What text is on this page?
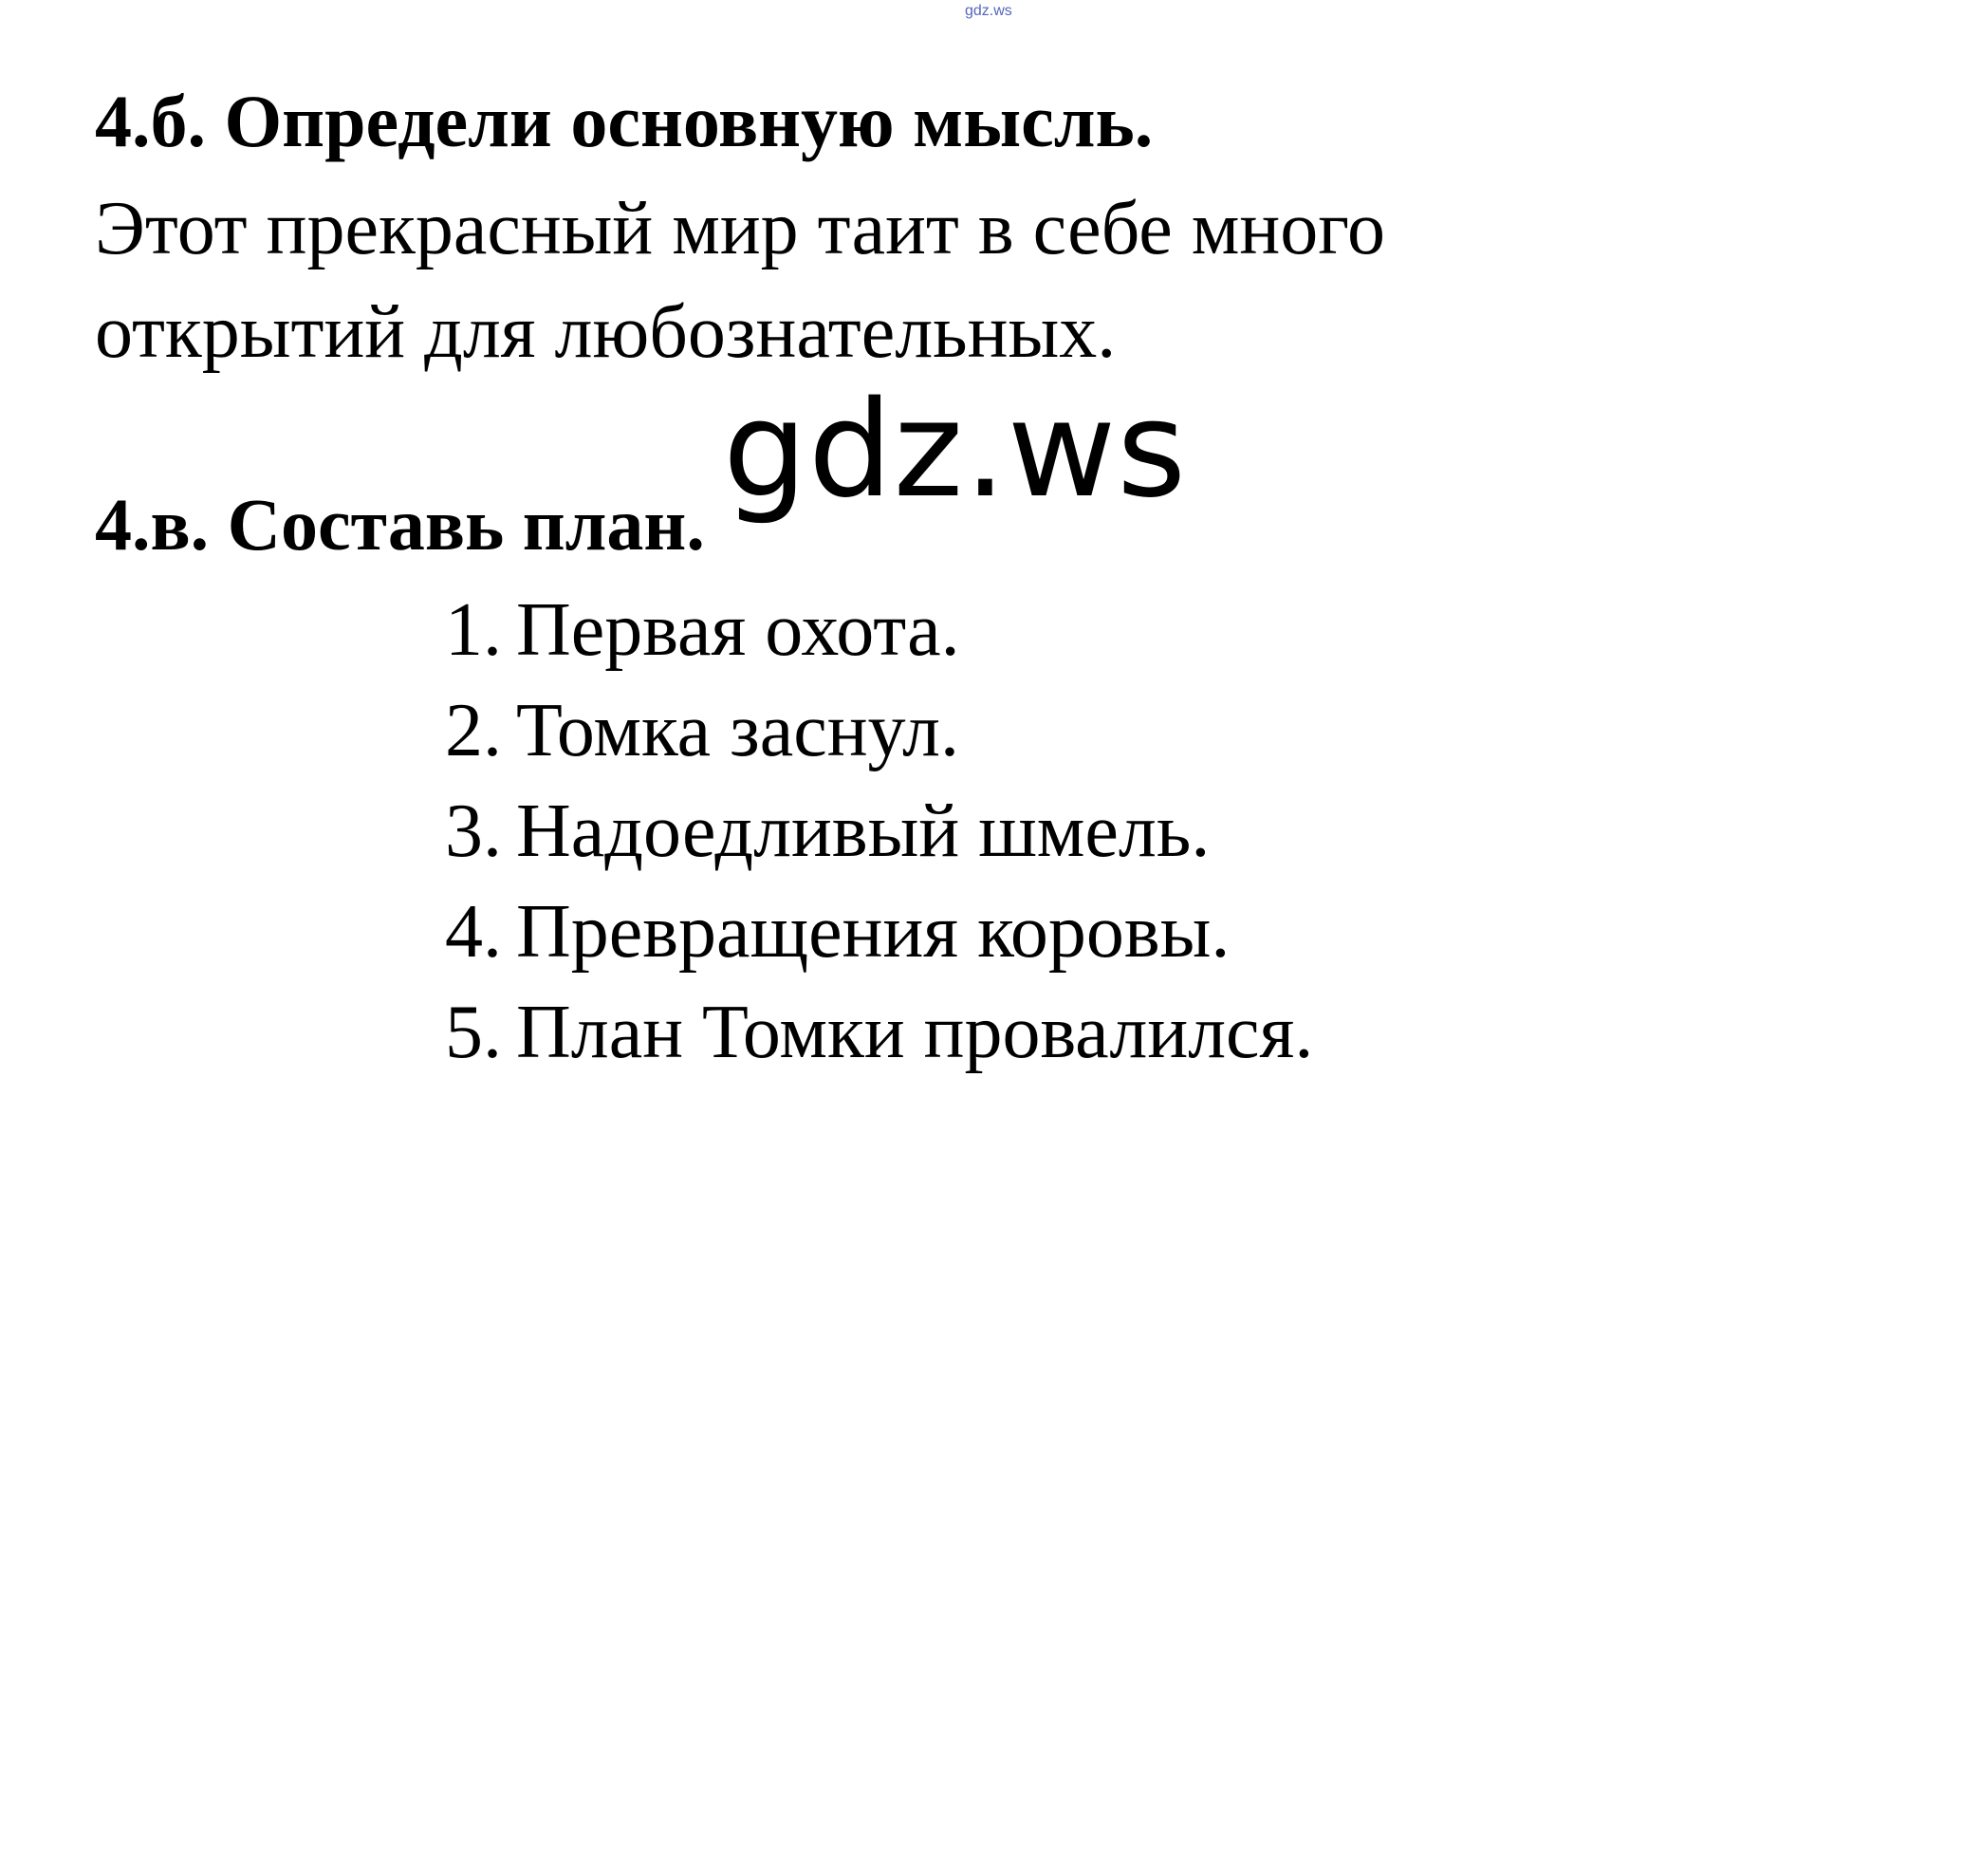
gdz.ws
4.б. Определи основную мысль.
Этот прекрасный мир таит в себе много
открытий для любознательных.
4.в. Составь план.
1. Первая охота.
2. Томка заснул.
3. Надоедливый шмель.
4. Превращения коровы.
5. План Томки провалился.
gdz.ws
